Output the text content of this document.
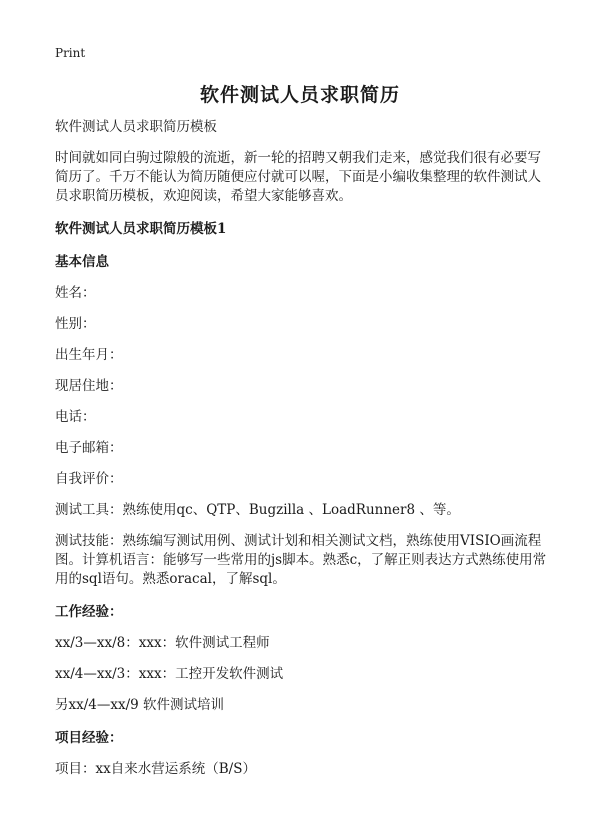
Print
软件测试人员求职简历

软件测试人员求职简历模板

时间就如同白驹过隙般的流逝，新一轮的招聘又朝我们走来，感觉我们很有必要写简历了。千万不能认为简历随便应付就可以喔，下面是小编收集整理的软件测试人员求职简历模板，欢迎阅读，希望大家能够喜欢。

软件测试人员求职简历模板1

基本信息

姓名：

性别：

出生年月：

现居住地：

电话：

电子邮箱：

自我评价：

测试工具：熟练使用qc、QTP、Bugzilla 、LoadRunner8 、等。

测试技能：熟练编写测试用例、测试计划和相关测试文档，熟练使用VISIO画流程图。计算机语言：能够写一些常用的js脚本。熟悉c，了解正则表达方式熟练使用常用的sql语句。熟悉oracal，了解sql。

工作经验：

xx/3—xx/8：xxx：软件测试工程师

xx/4—xx/3：xxx：工控开发软件测试

另xx/4—xx/9 软件测试培训

项目经验：

项目：xx自来水营运系统（B/S）
